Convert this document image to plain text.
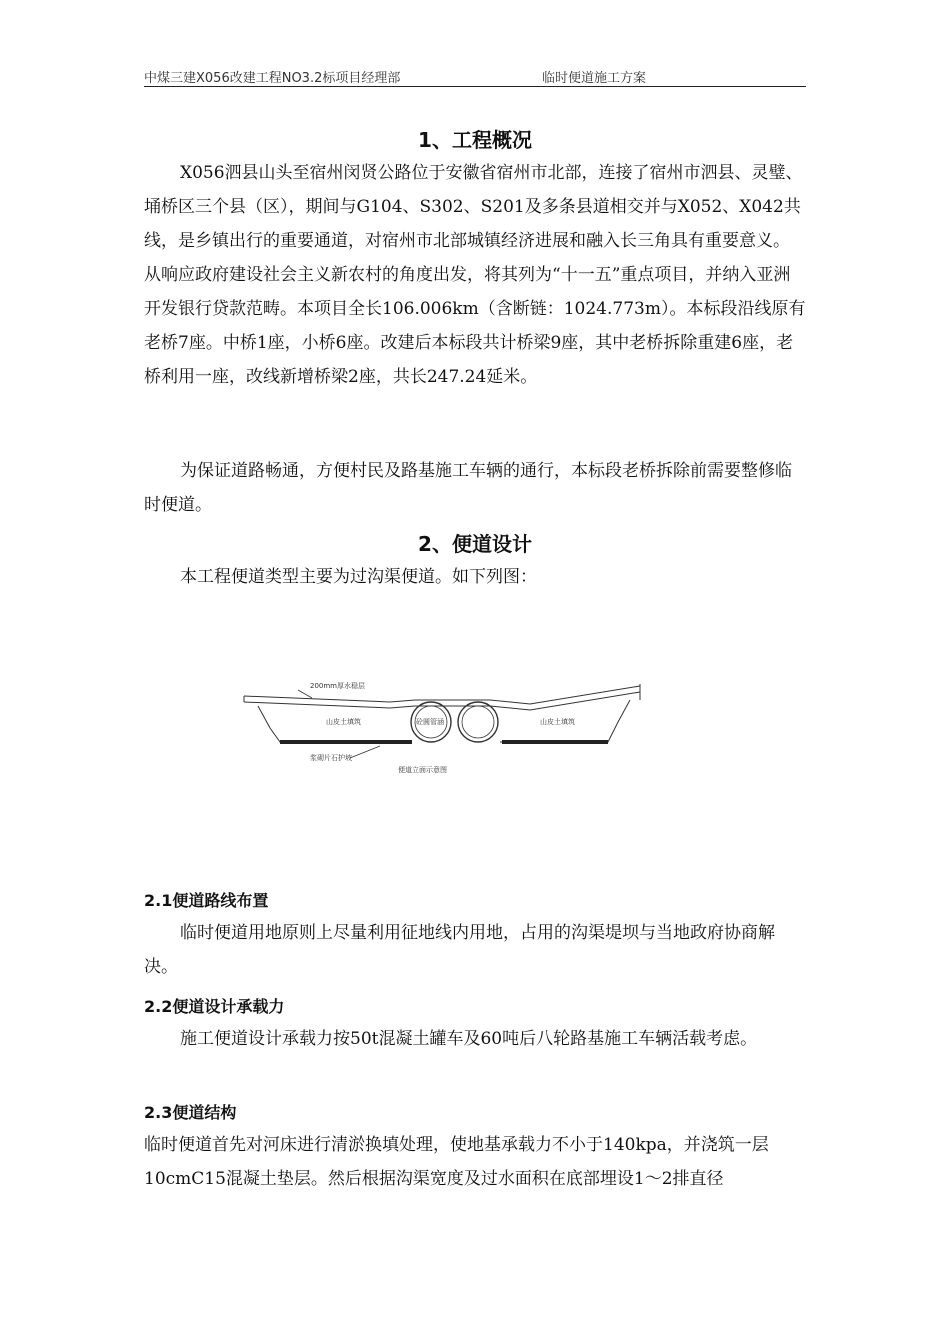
中煤三建X056改建工程NO3.2标项目经理部	临时便道施工方案
1、工程概况
X056泗县山头至宿州闵贤公路位于安徽省宿州市北部，连接了宿州市泗县、灵璧、埇桥区三个县（区），期间与G104、S302、S201及多条县道相交并与X052、X042共线，是乡镇出行的重要通道，对宿州市北部城镇经济进展和融入长三角具有重要意义。从响应政府建设社会主义新农村的角度出发，将其列为“十一五”重点项目，并纳入亚洲开发银行贷款范畴。本项目全长106.006km（含断链：1024.773m）。本标段沿线原有老桥7座。中桥1座，小桥6座。改建后本标段共计桥梁9座，其中老桥拆除重建6座，老桥利用一座，改线新增桥梁2座，共长247.24延米。
为保证道路畅通，方便村民及路基施工车辆的通行，本标段老桥拆除前需要整修临时便道。
2、便道设计
本工程便道类型主要为过沟渠便道。如下列图：
200mm厚水稳层
山皮土填筑	山皮土填筑
砼圆管涵
浆砌片石护坡
便道立面示意图
2.1便道路线布置
临时便道用地原则上尽量利用征地线内用地，占用的沟渠堤坝与当地政府协商解决。
2.2便道设计承载力
施工便道设计承载力按50t混凝土罐车及60吨后八轮路基施工车辆活载考虑。
2.3便道结构
临时便道首先对河床进行清淤换填处理，使地基承载力不小于140kpa，并浇筑一层10cmC15混凝土垫层。然后根据沟渠宽度及过水面积在底部埋设1～2排直径
